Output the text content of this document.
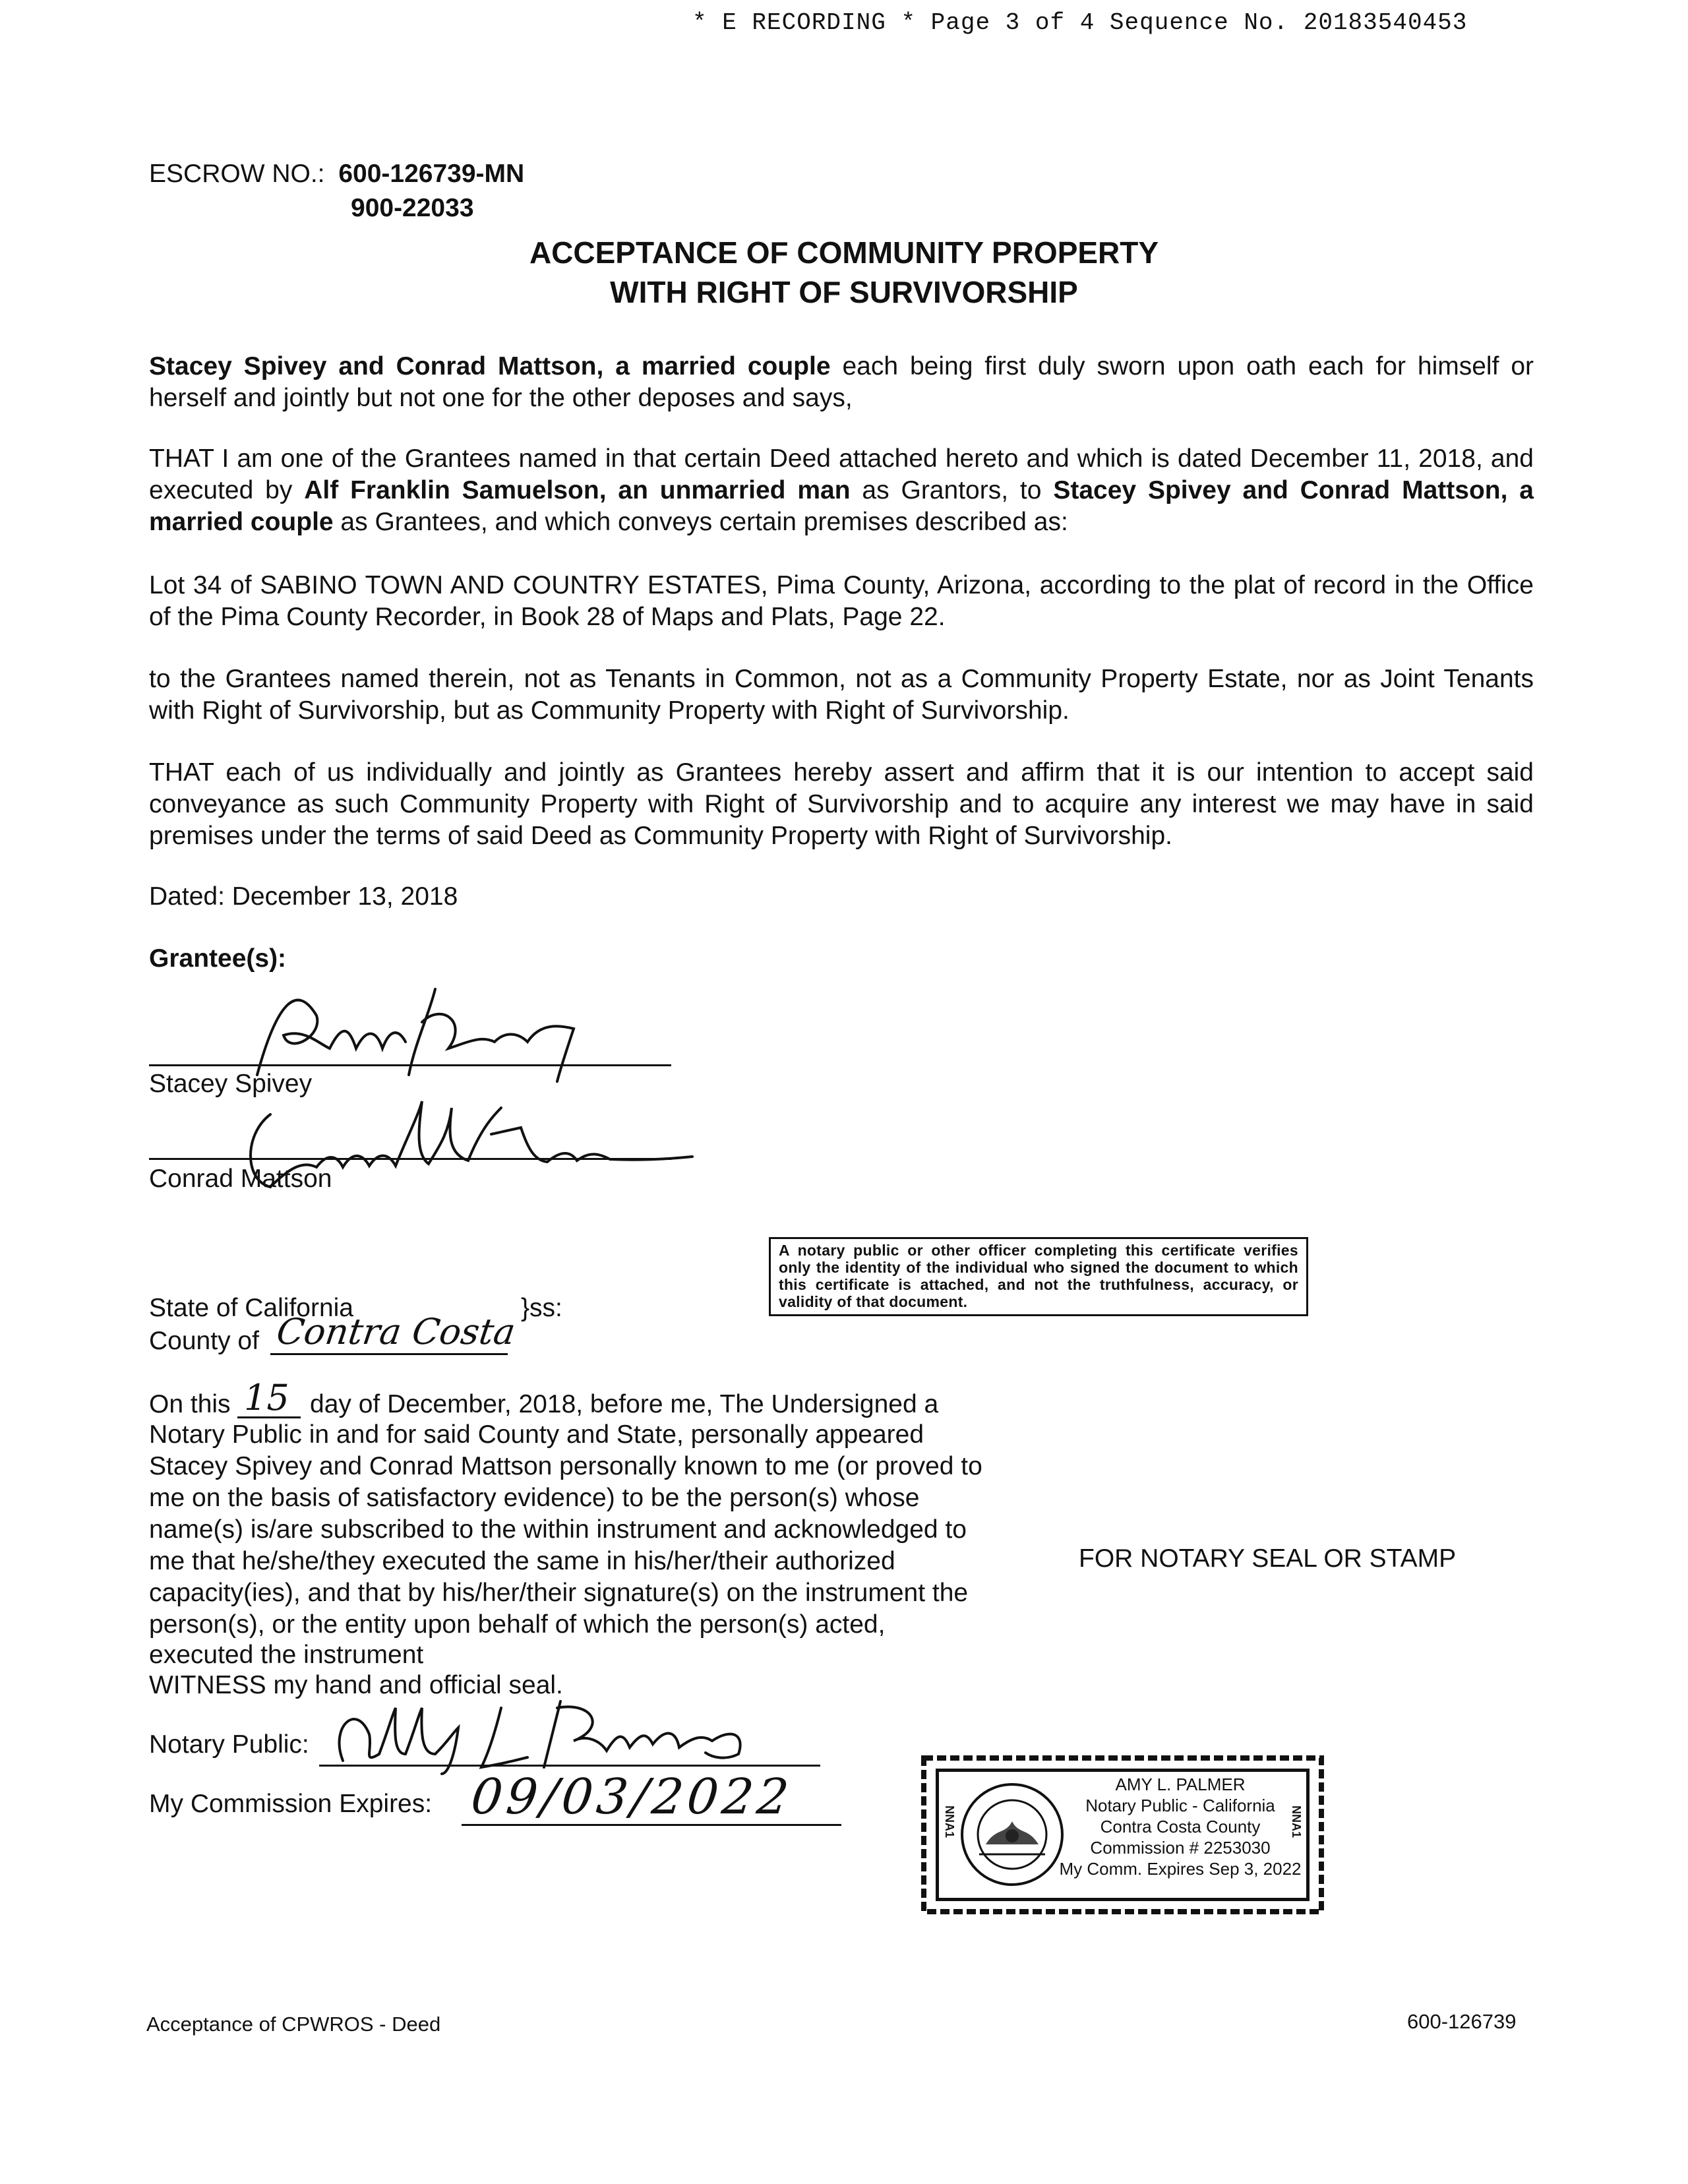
* E RECORDING * Page 3 of 4 Sequence No. 20183540453
ESCROW NO.: 600-126739-MN
900-22033
ACCEPTANCE OF COMMUNITY PROPERTY
WITH RIGHT OF SURVIVORSHIP
Stacey Spivey and Conrad Mattson, a married couple each being first duly sworn upon oath each for himself or herself and jointly but not one for the other deposes and says,
THAT I am one of the Grantees named in that certain Deed attached hereto and which is dated December 11, 2018, and executed by Alf Franklin Samuelson, an unmarried man as Grantors, to Stacey Spivey and Conrad Mattson, a married couple as Grantees, and which conveys certain premises described as:
Lot 34 of SABINO TOWN AND COUNTRY ESTATES, Pima County, Arizona, according to the plat of record in the Office of the Pima County Recorder, in Book 28 of Maps and Plats, Page 22.
to the Grantees named therein, not as Tenants in Common, not as a Community Property Estate, nor as Joint Tenants with Right of Survivorship, but as Community Property with Right of Survivorship.
THAT each of us individually and jointly as Grantees hereby assert and affirm that it is our intention to accept said conveyance as such Community Property with Right of Survivorship and to acquire any interest we may have in said premises under the terms of said Deed as Community Property with Right of Survivorship.
Dated: December 13, 2018
Grantee(s):
Stacey Spivey
Conrad Mattson
A notary public or other officer completing this certificate verifies only the identity of the individual who signed the document to which this certificate is attached, and not the truthfulness, accuracy, or validity of that document.
State of California	}ss:
County of Contra Costa
On this 15 day of December, 2018, before me, The Undersigned a
Notary Public in and for said County and State, personally appeared
Stacey Spivey and Conrad Mattson personally known to me (or proved to
me on the basis of satisfactory evidence) to be the person(s) whose
name(s) is/are subscribed to the within instrument and acknowledged to
me that he/she/they executed the same in his/her/their authorized
capacity(ies), and that by his/her/their signature(s) on the instrument the
person(s), or the entity upon behalf of which the person(s) acted,
executed the instrument
WITNESS my hand and official seal.
FOR NOTARY SEAL OR STAMP
Notary Public:
My Commission Expires: 09/03/2022	NNA1	NNA1
AMY L. PALMER
Notary Public - California
Contra Costa County
Commission # 2253030
My Comm. Expires Sep 3, 2022
Acceptance of CPWROS - Deed	600-126739
